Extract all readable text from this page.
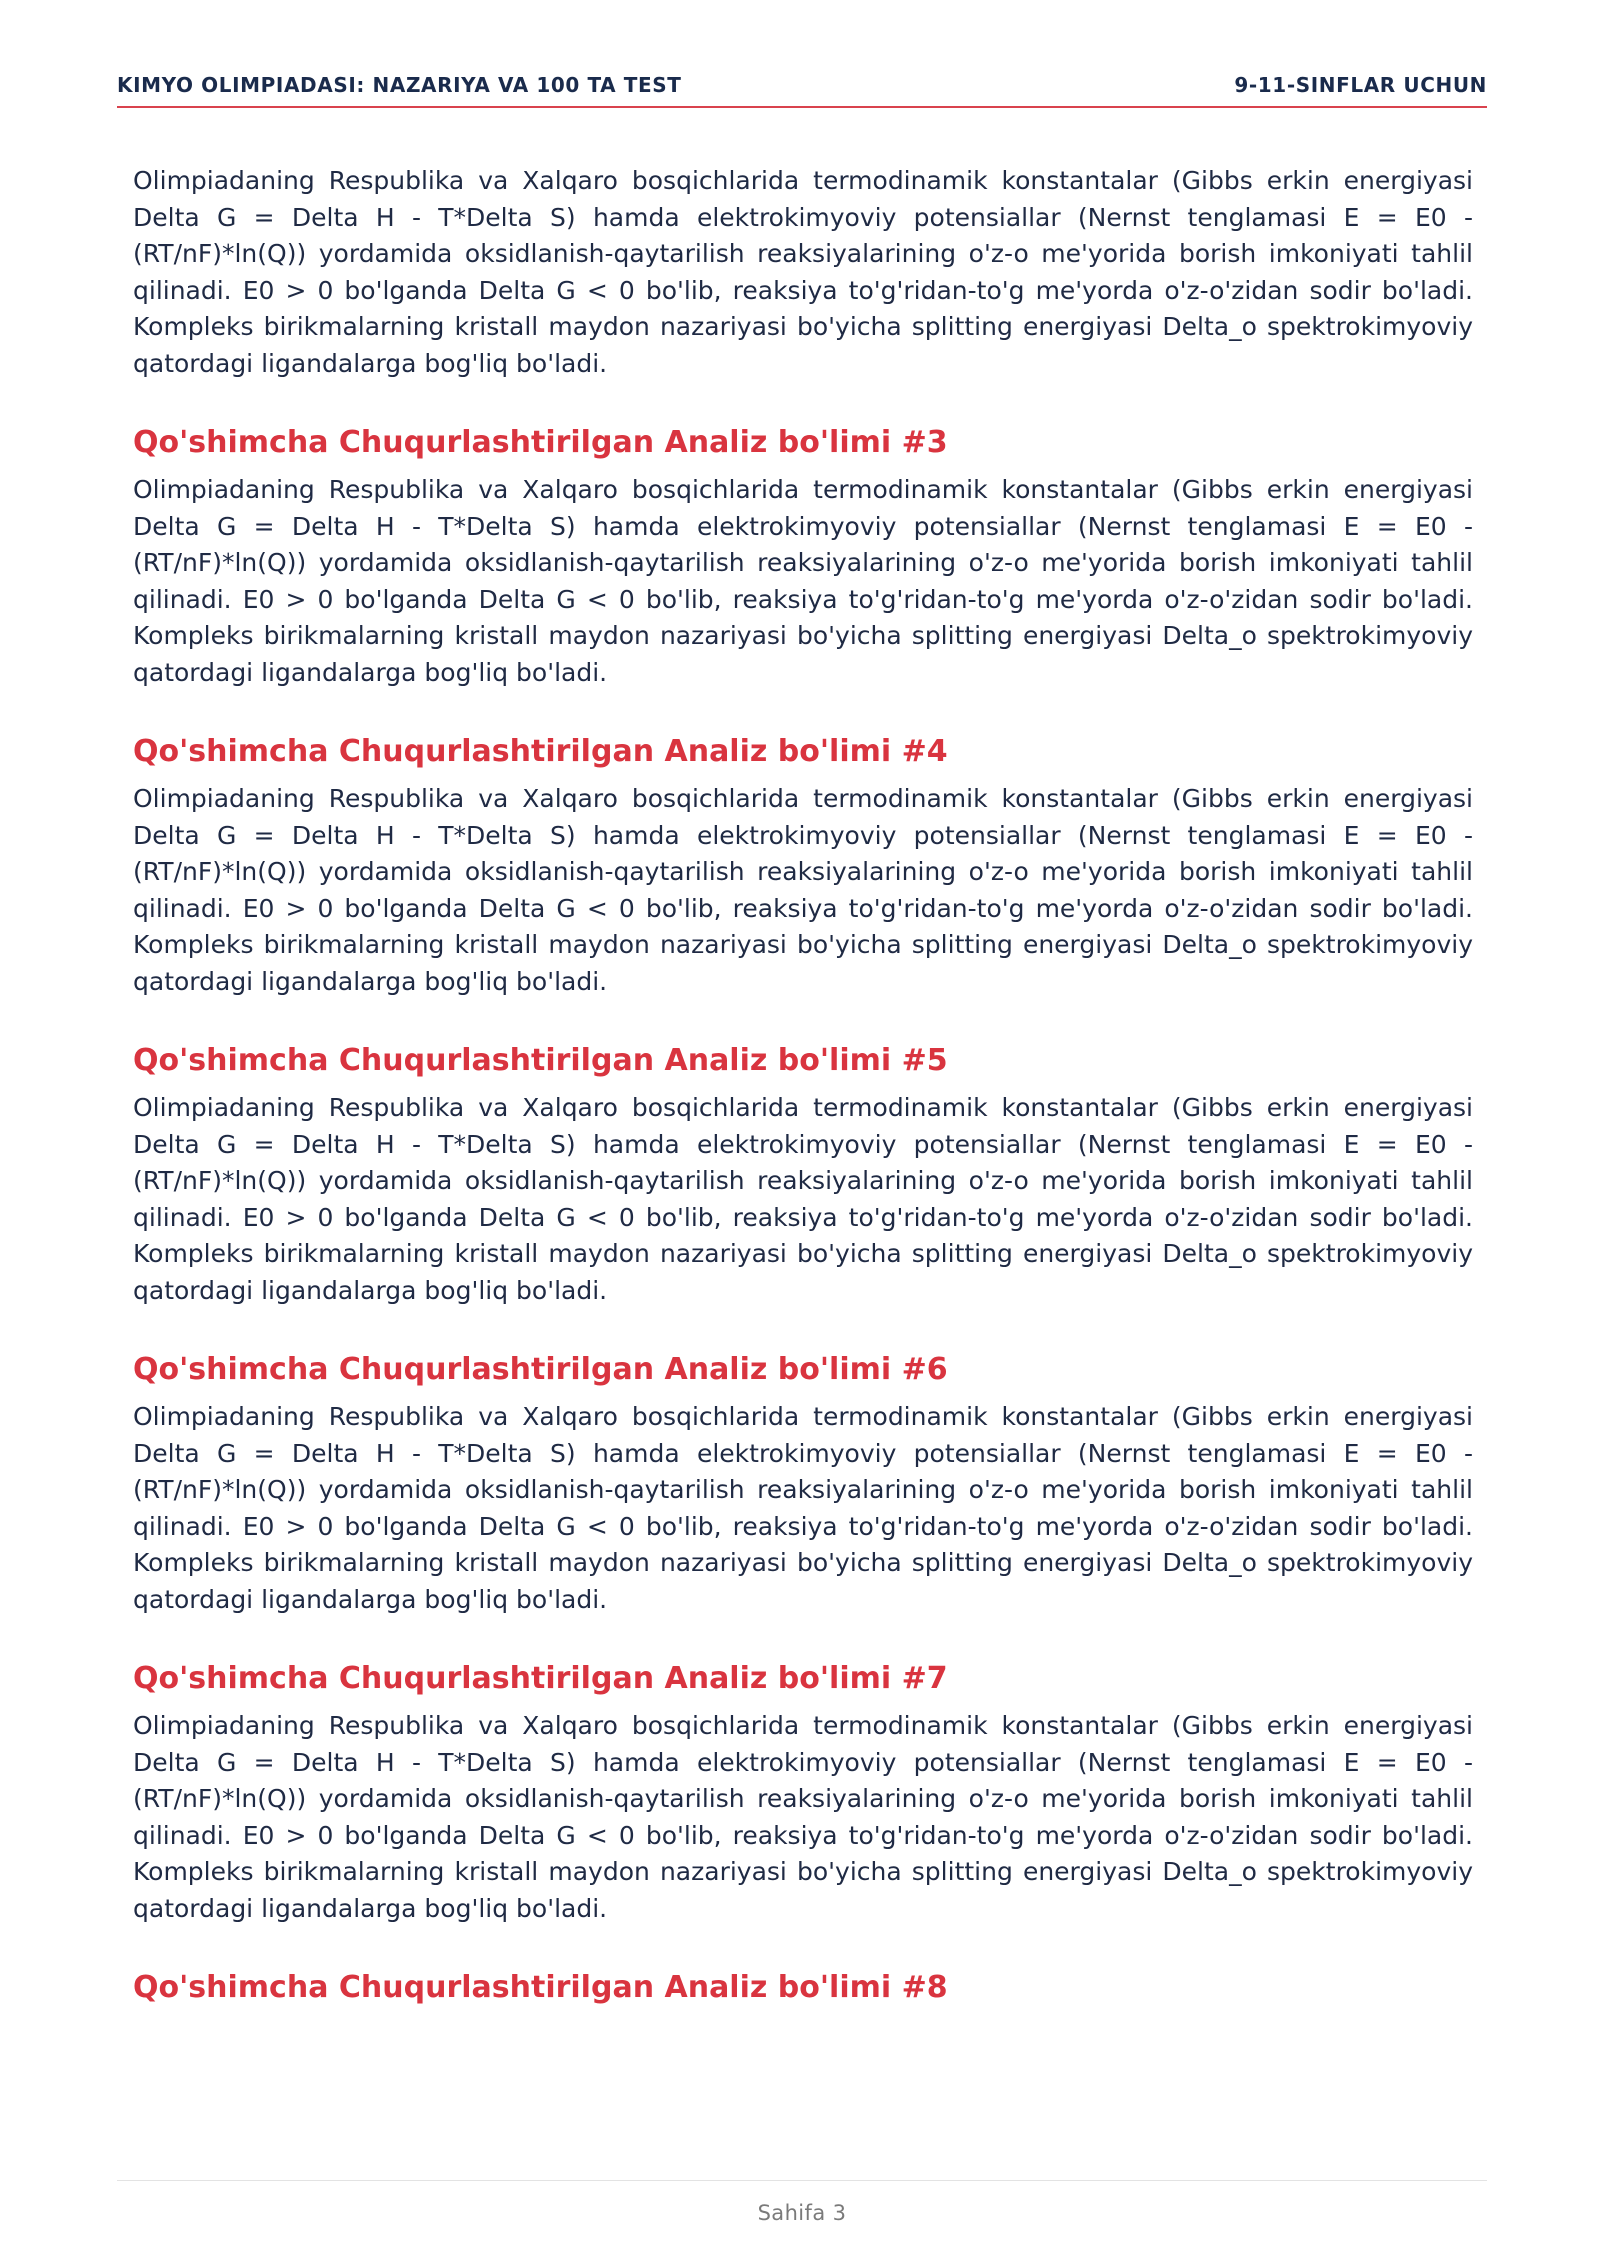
KIMYO OLIMPIADASI: NAZARIYA VA 100 TA TEST	9-11-SINFLAR UCHUN

Olimpiadaning Respublika va Xalqaro bosqichlarida termodinamik konstantalar (Gibbs erkin energiyasi Delta G = Delta H - T*Delta S) hamda elektrokimyoviy potensiallar (Nernst tenglamasi E = E0 - (RT/nF)*ln(Q)) yordamida oksidlanish-qaytarilish reaksiyalarining o'z-o me'yorida borish imkoniyati tahlil qilinadi. E0 > 0 bo'lganda Delta G < 0 bo'lib, reaksiya to'g'ridan-to'g me'yorda o'z-o'zidan sodir bo'ladi. Kompleks birikmalarning kristall maydon nazariyasi bo'yicha splitting energiyasi Delta_o spektrokimyoviy qatordagi ligandalarga bog'liq bo'ladi.

Qo'shimcha Chuqurlashtirilgan Analiz bo'limi #3

Olimpiadaning Respublika va Xalqaro bosqichlarida termodinamik konstantalar (Gibbs erkin energiyasi Delta G = Delta H - T*Delta S) hamda elektrokimyoviy potensiallar (Nernst tenglamasi E = E0 - (RT/nF)*ln(Q)) yordamida oksidlanish-qaytarilish reaksiyalarining o'z-o me'yorida borish imkoniyati tahlil qilinadi. E0 > 0 bo'lganda Delta G < 0 bo'lib, reaksiya to'g'ridan-to'g me'yorda o'z-o'zidan sodir bo'ladi. Kompleks birikmalarning kristall maydon nazariyasi bo'yicha splitting energiyasi Delta_o spektrokimyoviy qatordagi ligandalarga bog'liq bo'ladi.

Qo'shimcha Chuqurlashtirilgan Analiz bo'limi #4

Olimpiadaning Respublika va Xalqaro bosqichlarida termodinamik konstantalar (Gibbs erkin energiyasi Delta G = Delta H - T*Delta S) hamda elektrokimyoviy potensiallar (Nernst tenglamasi E = E0 - (RT/nF)*ln(Q)) yordamida oksidlanish-qaytarilish reaksiyalarining o'z-o me'yorida borish imkoniyati tahlil qilinadi. E0 > 0 bo'lganda Delta G < 0 bo'lib, reaksiya to'g'ridan-to'g me'yorda o'z-o'zidan sodir bo'ladi. Kompleks birikmalarning kristall maydon nazariyasi bo'yicha splitting energiyasi Delta_o spektrokimyoviy qatordagi ligandalarga bog'liq bo'ladi.

Qo'shimcha Chuqurlashtirilgan Analiz bo'limi #5

Olimpiadaning Respublika va Xalqaro bosqichlarida termodinamik konstantalar (Gibbs erkin energiyasi Delta G = Delta H - T*Delta S) hamda elektrokimyoviy potensiallar (Nernst tenglamasi E = E0 - (RT/nF)*ln(Q)) yordamida oksidlanish-qaytarilish reaksiyalarining o'z-o me'yorida borish imkoniyati tahlil qilinadi. E0 > 0 bo'lganda Delta G < 0 bo'lib, reaksiya to'g'ridan-to'g me'yorda o'z-o'zidan sodir bo'ladi. Kompleks birikmalarning kristall maydon nazariyasi bo'yicha splitting energiyasi Delta_o spektrokimyoviy qatordagi ligandalarga bog'liq bo'ladi.

Qo'shimcha Chuqurlashtirilgan Analiz bo'limi #6

Olimpiadaning Respublika va Xalqaro bosqichlarida termodinamik konstantalar (Gibbs erkin energiyasi Delta G = Delta H - T*Delta S) hamda elektrokimyoviy potensiallar (Nernst tenglamasi E = E0 - (RT/nF)*ln(Q)) yordamida oksidlanish-qaytarilish reaksiyalarining o'z-o me'yorida borish imkoniyati tahlil qilinadi. E0 > 0 bo'lganda Delta G < 0 bo'lib, reaksiya to'g'ridan-to'g me'yorda o'z-o'zidan sodir bo'ladi. Kompleks birikmalarning kristall maydon nazariyasi bo'yicha splitting energiyasi Delta_o spektrokimyoviy qatordagi ligandalarga bog'liq bo'ladi.

Qo'shimcha Chuqurlashtirilgan Analiz bo'limi #7

Olimpiadaning Respublika va Xalqaro bosqichlarida termodinamik konstantalar (Gibbs erkin energiyasi Delta G = Delta H - T*Delta S) hamda elektrokimyoviy potensiallar (Nernst tenglamasi E = E0 - (RT/nF)*ln(Q)) yordamida oksidlanish-qaytarilish reaksiyalarining o'z-o me'yorida borish imkoniyati tahlil qilinadi. E0 > 0 bo'lganda Delta G < 0 bo'lib, reaksiya to'g'ridan-to'g me'yorda o'z-o'zidan sodir bo'ladi. Kompleks birikmalarning kristall maydon nazariyasi bo'yicha splitting energiyasi Delta_o spektrokimyoviy qatordagi ligandalarga bog'liq bo'ladi.

Qo'shimcha Chuqurlashtirilgan Analiz bo'limi #8
Sahifa 3
